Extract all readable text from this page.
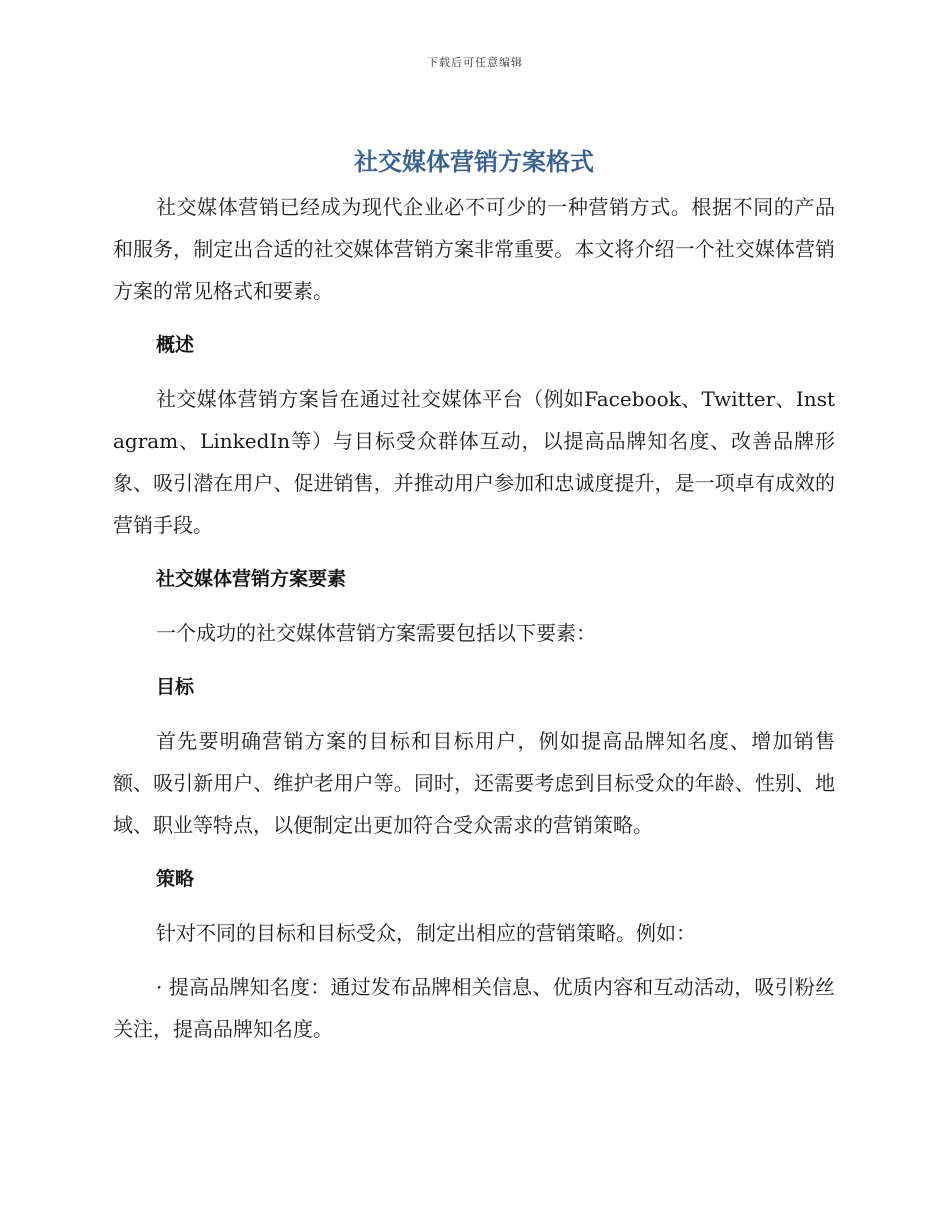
下载后可任意编辑
社交媒体营销方案格式

社交媒体营销已经成为现代企业必不可少的一种营销方式。根据不同的产品和服务，制定出合适的社交媒体营销方案非常重要。本文将介绍一个社交媒体营销方案的常见格式和要素。

概述

社交媒体营销方案旨在通过社交媒体平台（例如Facebook、Twitter、Instagram、LinkedIn等）与目标受众群体互动，以提高品牌知名度、改善品牌形象、吸引潜在用户、促进销售，并推动用户参加和忠诚度提升，是一项卓有成效的营销手段。

社交媒体营销方案要素

一个成功的社交媒体营销方案需要包括以下要素：

目标

首先要明确营销方案的目标和目标用户，例如提高品牌知名度、增加销售额、吸引新用户、维护老用户等。同时，还需要考虑到目标受众的年龄、性别、地域、职业等特点，以便制定出更加符合受众需求的营销策略。

策略

针对不同的目标和目标受众，制定出相应的营销策略。例如：

· 提高品牌知名度：通过发布品牌相关信息、优质内容和互动活动，吸引粉丝关注，提高品牌知名度。
